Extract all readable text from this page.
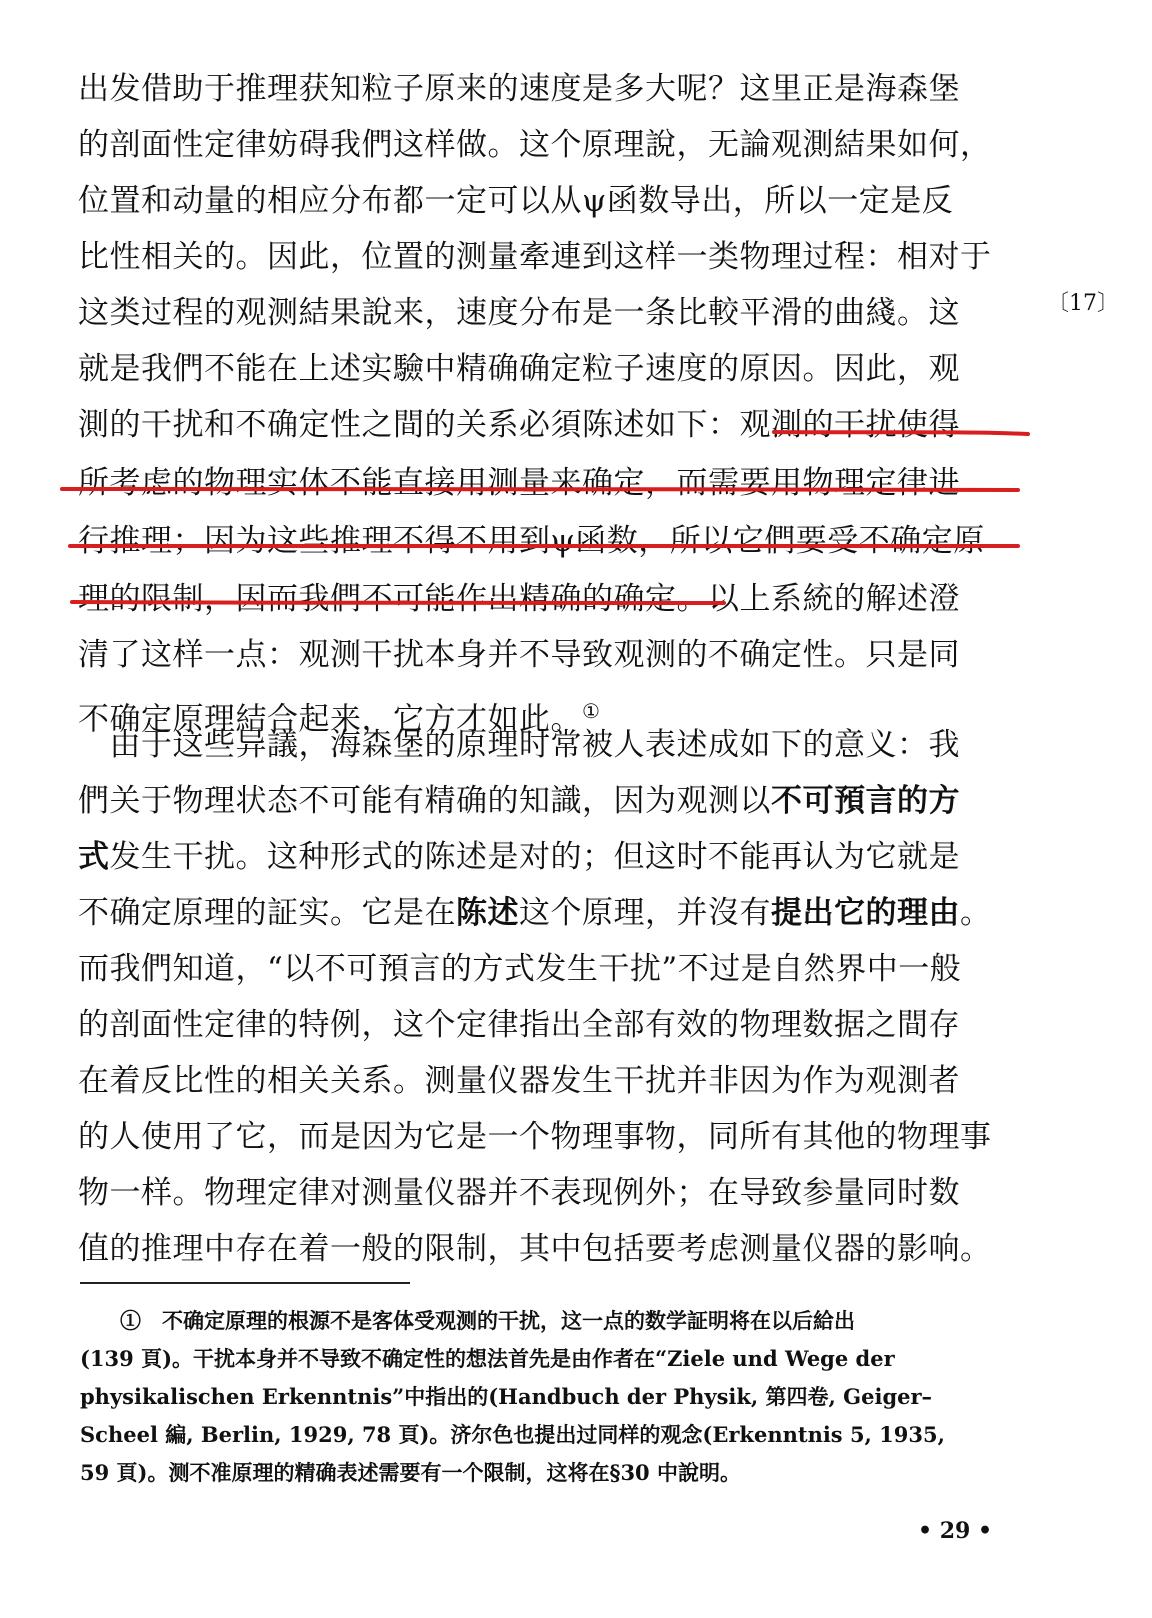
〔17〕
出发借助于推理获知粒子原来的速度是多大呢？这里正是海森堡
的剖面性定律妨碍我們这样做。这个原理說，无論观測結果如何，
位置和动量的相应分布都一定可以从ψ函数导出，所以一定是反
比性相关的。因此，位置的测量牽連到这样一类物理过程：相对于
这类过程的观测結果說来，速度分布是一条比較平滑的曲綫。这
就是我們不能在上述实驗中精确确定粒子速度的原因。因此，观
測的干扰和不确定性之間的关系必須陈述如下：观測的干扰使得
所考虑的物理实体不能直接用测量来确定，而需要用物理定律进
行推理；因为这些推理不得不用到ψ函数，所以它們要受不确定原
理的限制，因而我們不可能作出精确的确定。以上系統的解述澄
清了这样一点：观测干扰本身并不导致观测的不确定性。只是同
不确定原理結合起来，它方才如此。①
　由于这些异議，海森堡的原理时常被人表述成如下的意义：我
們关于物理状态不可能有精确的知識，因为观测以不可預言的方
式发生干扰。这种形式的陈述是对的；但这时不能再认为它就是
不确定原理的証实。它是在陈述这个原理，并沒有提出它的理由。
而我們知道，“以不可預言的方式发生干扰”不过是自然界中一般
的剖面性定律的特例，这个定律指出全部有效的物理数据之間存
在着反比性的相关关系。测量仪器发生干扰并非因为作为观測者
的人使用了它，而是因为它是一个物理事物，同所有其他的物理事
物一样。物理定律对测量仪器并不表现例外；在导致参量同时数
值的推理中存在着一般的限制，其中包括要考虑测量仪器的影响。
①　不确定原理的根源不是客体受观测的干扰，这一点的数学証明将在以后給出
(139 頁)。干扰本身并不导致不确定性的想法首先是由作者在“Ziele und Wege der
physikalischen Erkenntnis”中指出的(Handbuch der Physik, 第四卷, Geiger–
Scheel 編, Berlin, 1929, 78 頁)。济尔色也提出过同样的观念(Erkenntnis 5, 1935,
59 頁)。测不准原理的精确表述需要有一个限制，这将在§30 中說明。
• 29 •
